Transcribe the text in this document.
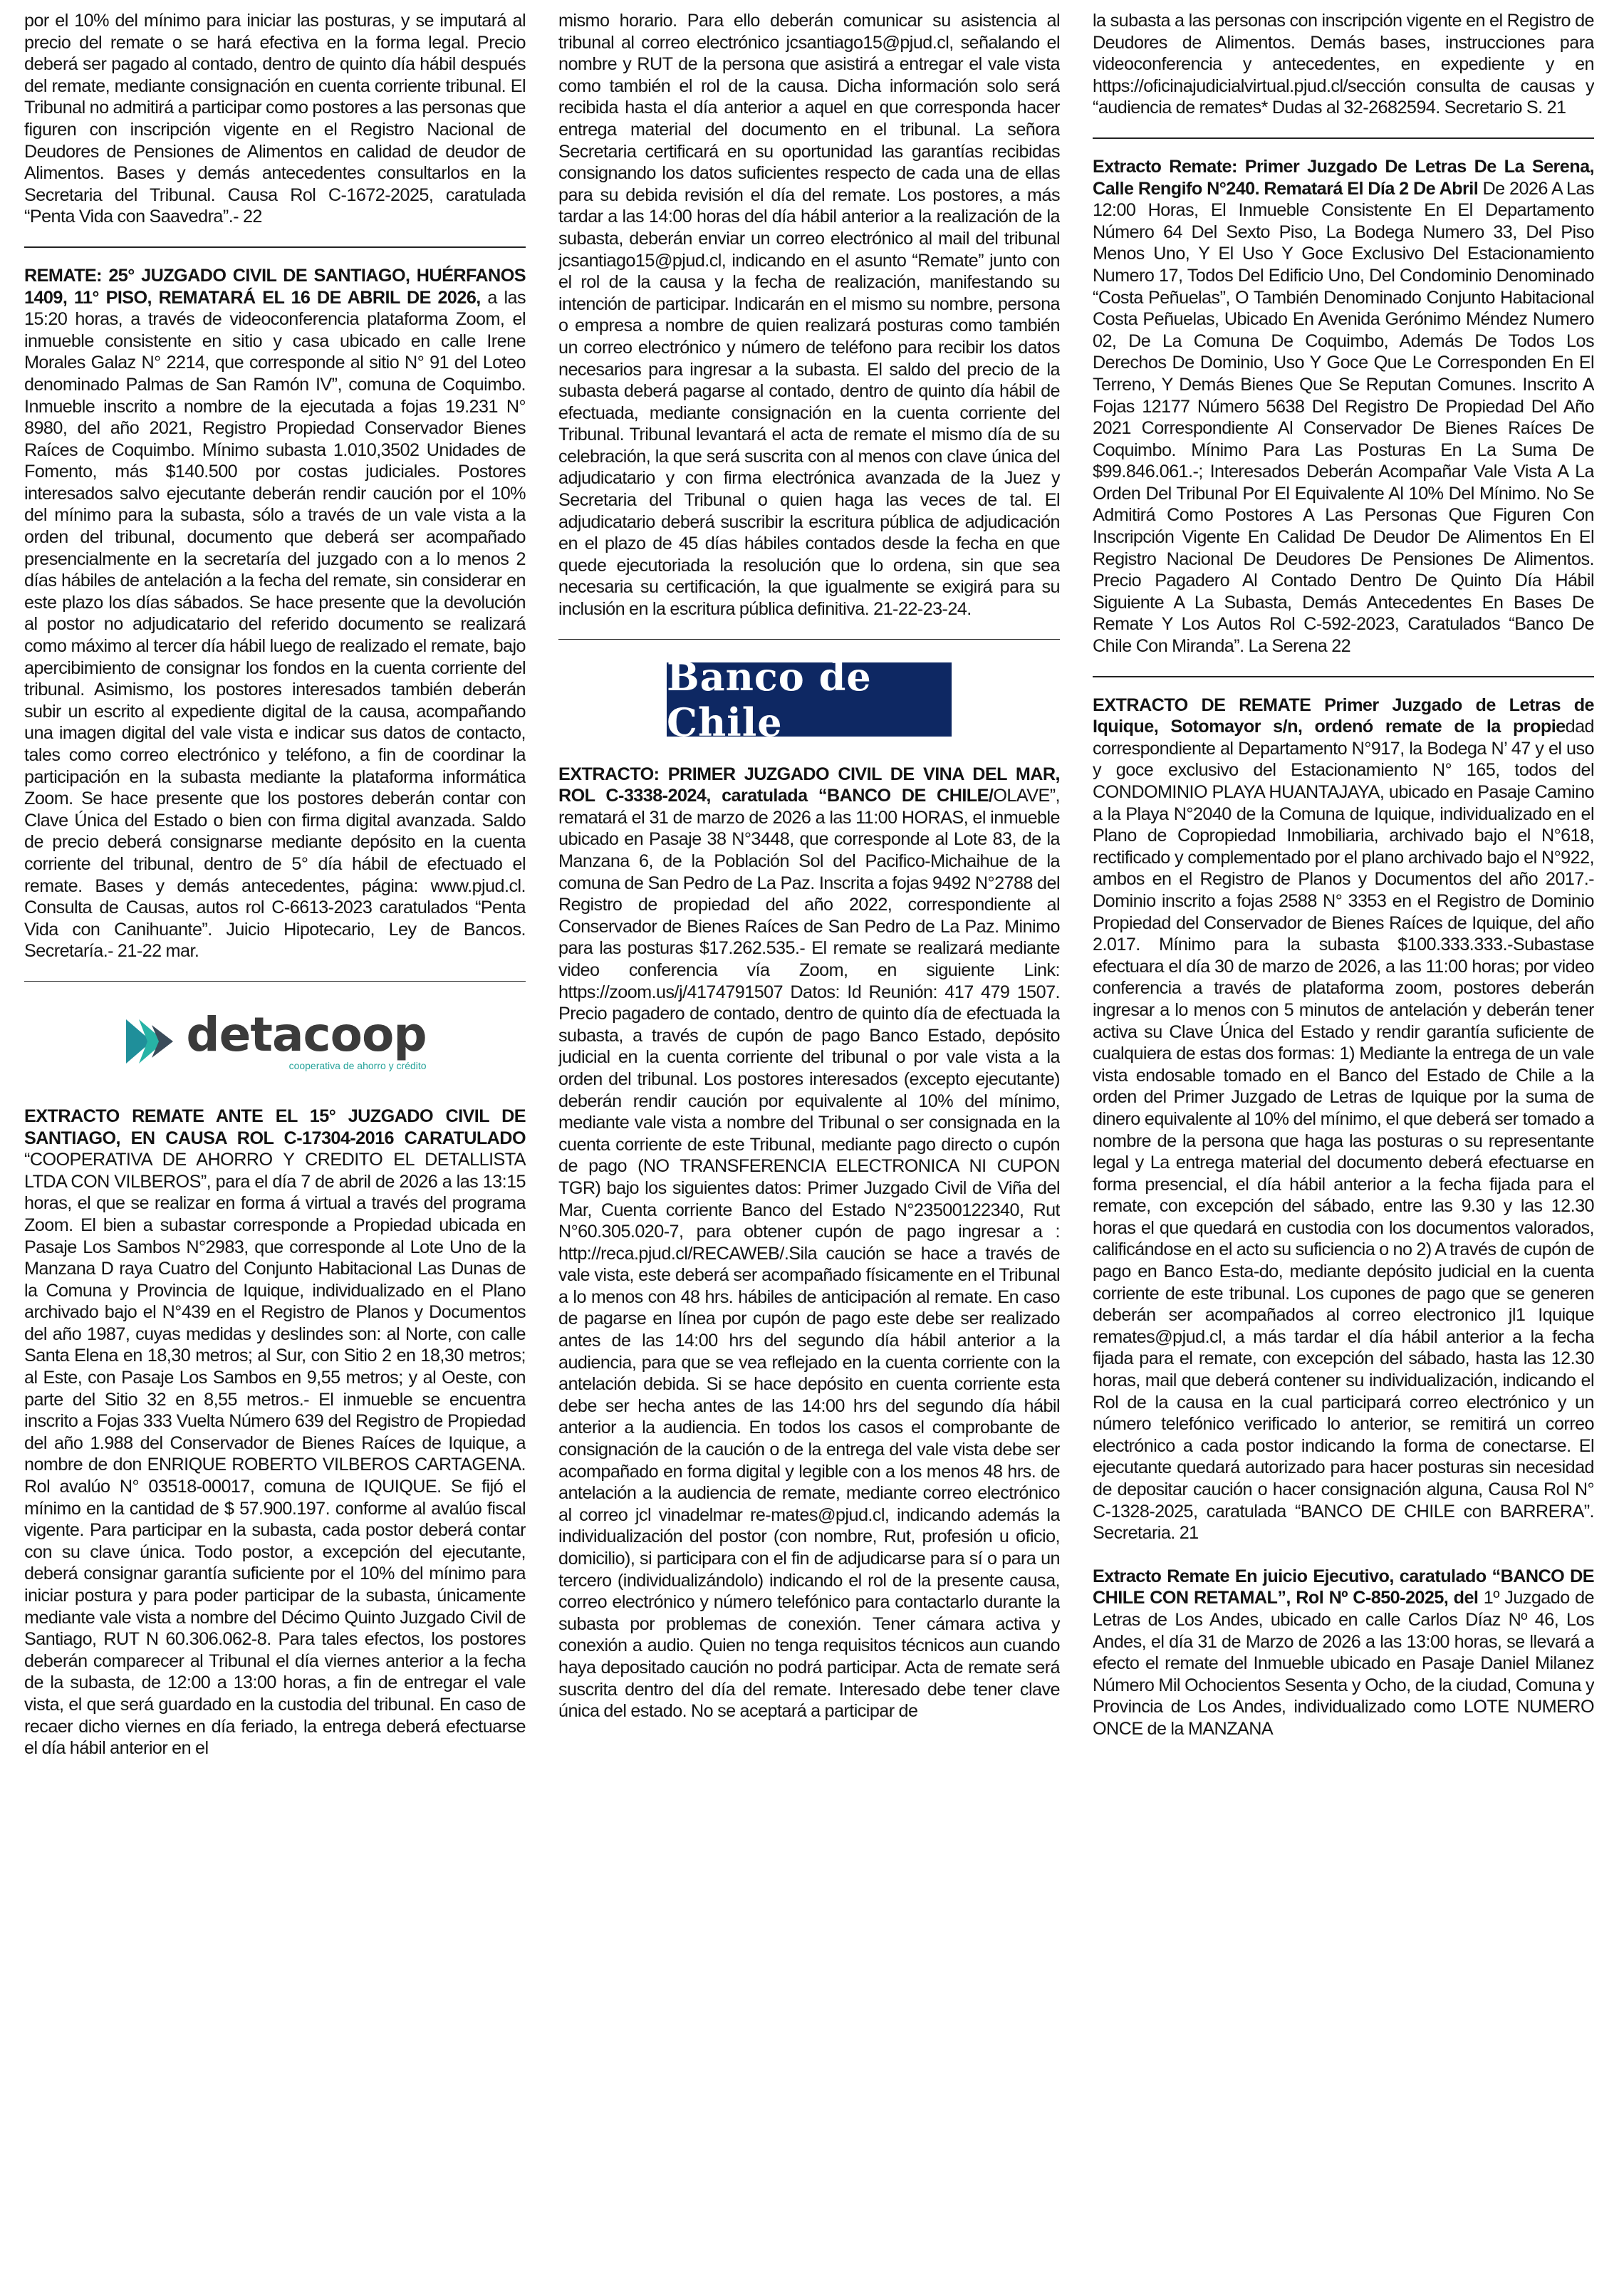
por el 10% del mínimo para iniciar las posturas, y se imputará al precio del remate o se hará efectiva en la forma legal. Precio deberá ser pagado al contado, dentro de quinto día hábil después del remate, mediante consignación en cuenta corriente tribunal. El Tribunal no admitirá a participar como postores a las personas que figuren con inscripción vigente en el Registro Nacional de Deudores de Pensiones de Alimentos en calidad de deudor de Alimentos. Bases y demás antecedentes consultarlos en la Secretaria del Tribunal. Causa Rol C-1672-2025, caratulada “Penta Vida con Saavedra”.- 22

REMATE: 25° JUZGADO CIVIL DE SANTIAGO, HUÉRFANOS 1409, 11° PISO, REMATARÁ EL 16 DE ABRIL DE 2026, a las 15:20 horas, a través de videoconferencia plataforma Zoom, el inmueble consistente en sitio y casa ubicado en calle Irene Morales Galaz N° 2214, que corresponde al sitio N° 91 del Loteo denominado Palmas de San Ramón IV”, comuna de Coquimbo. Inmueble inscrito a nombre de la ejecutada a fojas 19.231 N° 8980, del año 2021, Registro Propiedad Conservador Bienes Raíces de Coquimbo. Mínimo subasta 1.010,3502 Unidades de Fomento, más $140.500 por costas judiciales. Postores interesados salvo ejecutante deberán rendir caución por el 10% del mínimo para la subasta, sólo a través de un vale vista a la orden del tribunal, documento que deberá ser acompañado presencialmente en la secretaría del juzgado con a lo menos 2 días hábiles de antelación a la fecha del remate, sin considerar en este plazo los días sábados. Se hace presente que la devolución al postor no adjudicatario del referido documento se realizará como máximo al tercer día hábil luego de realizado el remate, bajo apercibimiento de consignar los fondos en la cuenta corriente del tribunal. Asimismo, los postores interesados también deberán subir un escrito al expediente digital de la causa, acompañando una imagen digital del vale vista e indicar sus datos de contacto, tales como correo electrónico y teléfono, a fin de coordinar la participación en la subasta mediante la plataforma informática Zoom. Se hace presente que los postores deberán contar con Clave Única del Estado o bien con firma digital avanzada. Saldo de precio deberá consignarse mediante depósito en la cuenta corriente del tribunal, dentro de 5° día hábil de efectuado el remate. Bases y demás antecedentes, página: www.pjud.cl. Consulta de Causas, autos rol C-6613-2023 caratulados “Penta Vida con Canihuante”. Juicio Hipotecario, Ley de Bancos. Secretaría.- 21-22 mar.

detacoop
cooperativa de ahorro y crédito

EXTRACTO REMATE ANTE EL 15° JUZGADO CIVIL DE SANTIAGO, EN CAUSA ROL C-17304-2016 CARATULADO “COOPERATIVA DE AHORRO Y CREDITO EL DETALLISTA LTDA CON VILBEROS”, para el día 7 de abril de 2026 a las 13:15 horas, el que se realizar en forma á virtual a través del programa Zoom. El bien a subastar corresponde a Propiedad ubicada en Pasaje Los Sambos N°2983, que corresponde al Lote Uno de la Manzana D raya Cuatro del Conjunto Habitacional Las Dunas de la Comuna y Provincia de Iquique, individualizado en el Plano archivado bajo el N°439 en el Registro de Planos y Documentos del año 1987, cuyas medidas y deslindes son: al Norte, con calle Santa Elena en 18,30 metros; al Sur, con Sitio 2 en 18,30 metros; al Este, con Pasaje Los Sambos en 9,55 metros; y al Oeste, con parte del Sitio 32 en 8,55 metros.- El inmueble se encuentra inscrito a Fojas 333 Vuelta Número 639 del Registro de Propiedad del año 1.988 del Conservador de Bienes Raíces de Iquique, a nombre de don ENRIQUE ROBERTO VILBEROS CARTAGENA. Rol avalúo N° 03518-00017, comuna de IQUIQUE. Se fijó el mínimo en la cantidad de $ 57.900.197. conforme al avalúo fiscal vigente. Para participar en la subasta, cada postor deberá contar con su clave única. Todo postor, a excepción del ejecutante, deberá consignar garantía suficiente por el 10% del mínimo para iniciar postura y para poder participar de la subasta, únicamente mediante vale vista a nombre del Décimo Quinto Juzgado Civil de Santiago, RUT N 60.306.062-8. Para tales efectos, los postores deberán comparecer al Tribunal el día viernes anterior a la fecha de la subasta, de 12:00 a 13:00 horas, a fin de entregar el vale vista, el que será guardado en la custodia del tribunal. En caso de recaer dicho viernes en día feriado, la entrega deberá efectuarse el día hábil anterior en el

mismo horario. Para ello deberán comunicar su asistencia al tribunal al correo electrónico jcsantiago15@pjud.cl, señalando el nombre y RUT de la persona que asistirá a entregar el vale vista como también el rol de la causa. Dicha información solo será recibida hasta el día anterior a aquel en que corresponda hacer entrega material del documento en el tribunal. La señora Secretaria certificará en su oportunidad las garantías recibidas consignando los datos suficientes respecto de cada una de ellas para su debida revisión el día del remate. Los postores, a más tardar a las 14:00 horas del día hábil anterior a la realización de la subasta, deberán enviar un correo electrónico al mail del tribunal jcsantiago15@pjud.cl, indicando en el asunto “Remate” junto con el rol de la causa y la fecha de realización, manifestando su intención de participar. Indicarán en el mismo su nombre, persona o empresa a nombre de quien realizará posturas como también un correo electrónico y número de teléfono para recibir los datos necesarios para ingresar a la subasta. El saldo del precio de la subasta deberá pagarse al contado, dentro de quinto día hábil de efectuada, mediante consignación en la cuenta corriente del Tribunal. Tribunal levantará el acta de remate el mismo día de su celebración, la que será suscrita con al menos con clave única del adjudicatario y con firma electrónica avanzada de la Juez y Secretaria del Tribunal o quien haga las veces de tal. El adjudicatario deberá suscribir la escritura pública de adjudicación en el plazo de 45 días hábiles contados desde la fecha en que quede ejecutoriada la resolución que lo ordena, sin que sea necesaria su certificación, la que igualmente se exigirá para su inclusión en la escritura pública definitiva. 21-22-23-24.

Banco de Chile

EXTRACTO: PRIMER JUZGADO CIVIL DE VINA DEL MAR, ROL C-3338-2024, caratulada “BANCO DE CHILE/OLAVE”, rematará el 31 de marzo de 2026 a las 11:00 HORAS, el inmueble ubicado en Pasaje 38 N°3448, que corresponde al Lote 83, de la Manzana 6, de la Población Sol del Pacifico-Michaihue de la comuna de San Pedro de La Paz. Inscrita a fojas 9492 N°2788 del Registro de propiedad del año 2022, correspondiente al Conservador de Bienes Raíces de San Pedro de La Paz. Minimo para las posturas $17.262.535.- El remate se realizará mediante video conferencia vía Zoom, en siguiente Link: https://zoom.us/j/4174791507 Datos: Id Reunión: 417 479 1507. Precio pagadero de contado, dentro de quinto día de efectuada la subasta, a través de cupón de pago Banco Estado, depósito judicial en la cuenta corriente del tribunal o por vale vista a la orden del tribunal. Los postores interesados (excepto ejecutante) deberán rendir caución por equivalente al 10% del mínimo, mediante vale vista a nombre del Tribunal o ser consignada en la cuenta corriente de este Tribunal, mediante pago directo o cupón de pago (NO TRANSFERENCIA ELECTRONICA NI CUPON TGR) bajo los siguientes datos: Primer Juzgado Civil de Viña del Mar, Cuenta corriente Banco del Estado N°23500122340, Rut N°60.305.020-7, para obtener cupón de pago ingresar a : http://reca.pjud.cl/RECAWEB/.Sila caución se hace a través de vale vista, este deberá ser acompañado físicamente en el Tribunal a lo menos con 48 hrs. hábiles de anticipación al remate. En caso de pagarse en línea por cupón de pago este debe ser realizado antes de las 14:00 hrs del segundo día hábil anterior a la audiencia, para que se vea reflejado en la cuenta corriente con la antelación debida. Si se hace depósito en cuenta corriente esta debe ser hecha antes de las 14:00 hrs del segundo día hábil anterior a la audiencia. En todos los casos el comprobante de consignación de la caución o de la entrega del vale vista debe ser acompañado en forma digital y legible con a los menos 48 hrs. de antelación a la audiencia de remate, mediante correo electrónico al correo jcl vinadelmar re-mates@pjud.cl, indicando además la individualización del postor (con nombre, Rut, profesión u oficio, domicilio), si participara con el fin de adjudicarse para sí o para un tercero (individualizándolo) indicando el rol de la presente causa, correo electrónico y número telefónico para contactarlo durante la subasta por problemas de conexión. Tener cámara activa y conexión a audio. Quien no tenga requisitos técnicos aun cuando haya depositado caución no podrá participar. Acta de remate será suscrita dentro del día del remate. Interesado debe tener clave única del estado. No se aceptará a participar de

la subasta a las personas con inscripción vigente en el Registro de Deudores de Alimentos. Demás bases, instrucciones para videoconferencia y antecedentes, en expediente y en https://oficinajudicialvirtual.pjud.cl/sección consulta de causas y “audiencia de remates* Dudas al 32-2682594. Secretario S. 21

Extracto Remate: Primer Juzgado De Letras De La Serena, Calle Rengifo N°240. Rematará El Día 2 De Abril De 2026 A Las 12:00 Horas, El Inmueble Consistente En El Departamento Número 64 Del Sexto Piso, La Bodega Numero 33, Del Piso Menos Uno, Y El Uso Y Goce Exclusivo Del Estacionamiento Numero 17, Todos Del Edificio Uno, Del Condominio Denominado “Costa Peñuelas”, O También Denominado Conjunto Habitacional Costa Peñuelas, Ubicado En Avenida Gerónimo Méndez Numero 02, De La Comuna De Coquimbo, Además De Todos Los Derechos De Dominio, Uso Y Goce Que Le Corresponden En El Terreno, Y Demás Bienes Que Se Reputan Comunes. Inscrito A Fojas 12177 Número 5638 Del Registro De Propiedad Del Año 2021 Correspondiente Al Conservador De Bienes Raíces De Coquimbo. Mínimo Para Las Posturas En La Suma De $99.846.061.-; Interesados Deberán Acompañar Vale Vista A La Orden Del Tribunal Por El Equivalente Al 10% Del Mínimo. No Se Admitirá Como Postores A Las Personas Que Figuren Con Inscripción Vigente En Calidad De Deudor De Alimentos En El Registro Nacional De Deudores De Pensiones De Alimentos. Precio Pagadero Al Contado Dentro De Quinto Día Hábil Siguiente A La Subasta, Demás Antecedentes En Bases De Remate Y Los Autos Rol C-592-2023, Caratulados “Banco De Chile Con Miranda”. La Serena 22

EXTRACTO DE REMATE Primer Juzgado de Letras de Iquique, Sotomayor s/n, ordenó remate de la propiedad correspondiente al Departamento N°917, la Bodega N’ 47 y el uso y goce exclusivo del Estacionamiento N° 165, todos del CONDOMINIO PLAYA HUANTAJAYA, ubicado en Pasaje Camino a la Playa N°2040 de la Comuna de Iquique, individualizado en el Plano de Copropiedad Inmobiliaria, archivado bajo el N°618, rectificado y complementado por el plano archivado bajo el N°922, ambos en el Registro de Planos y Documentos del año 2017.- Dominio inscrito a fojas 2588 N° 3353 en el Registro de Dominio Propiedad del Conservador de Bienes Raíces de Iquique, del año 2.017. Mínimo para la subasta $100.333.333.-Subastase efectuara el día 30 de marzo de 2026, a las 11:00 horas; por video conferencia a través de plataforma zoom, postores deberán ingresar a lo menos con 5 minutos de antelación y deberán tener activa su Clave Única del Estado y rendir garantía suficiente de cualquiera de estas dos formas: 1) Mediante la entrega de un vale vista endosable tomado en el Banco del Estado de Chile a la orden del Primer Juzgado de Letras de Iquique por la suma de dinero equivalente al 10% del mínimo, el que deberá ser tomado a nombre de la persona que haga las posturas o su representante legal y La entrega material del documento deberá efectuarse en forma presencial, el día hábil anterior a la fecha fijada para el remate, con excepción del sábado, entre las 9.30 y las 12.30 horas el que quedará en custodia con los documentos valorados, calificándose en el acto su suficiencia o no 2) A través de cupón de pago en Banco Esta-do, mediante depósito judicial en la cuenta corriente de este tribunal. Los cupones de pago que se generen deberán ser acompañados al correo electronico jl1 Iquique remates@pjud.cl, a más tardar el día hábil anterior a la fecha fijada para el remate, con excepción del sábado, hasta las 12.30 horas, mail que deberá contener su individualización, indicando el Rol de la causa en la cual participará correo electrónico y un número telefónico verificado lo anterior, se remitirá un correo electrónico a cada postor indicando la forma de conectarse. El ejecutante quedará autorizado para hacer posturas sin necesidad de depositar caución o hacer consignación alguna, Causa Rol N° C-1328-2025, caratulada “BANCO DE CHILE con BARRERA”. Secretaria. 21

Extracto Remate En juicio Ejecutivo, caratulado “BANCO DE CHILE CON RETAMAL”, Rol Nº C-850-2025, del 1º Juzgado de Letras de Los Andes, ubicado en calle Carlos Díaz Nº 46, Los Andes, el día 31 de Marzo de 2026 a las 13:00 horas, se llevará a efecto el remate del Inmueble ubicado en Pasaje Daniel Milanez Número Mil Ochocientos Sesenta y Ocho, de la ciudad, Comuna y Provincia de Los Andes, individualizado como LOTE NUMERO ONCE de la MANZANA
